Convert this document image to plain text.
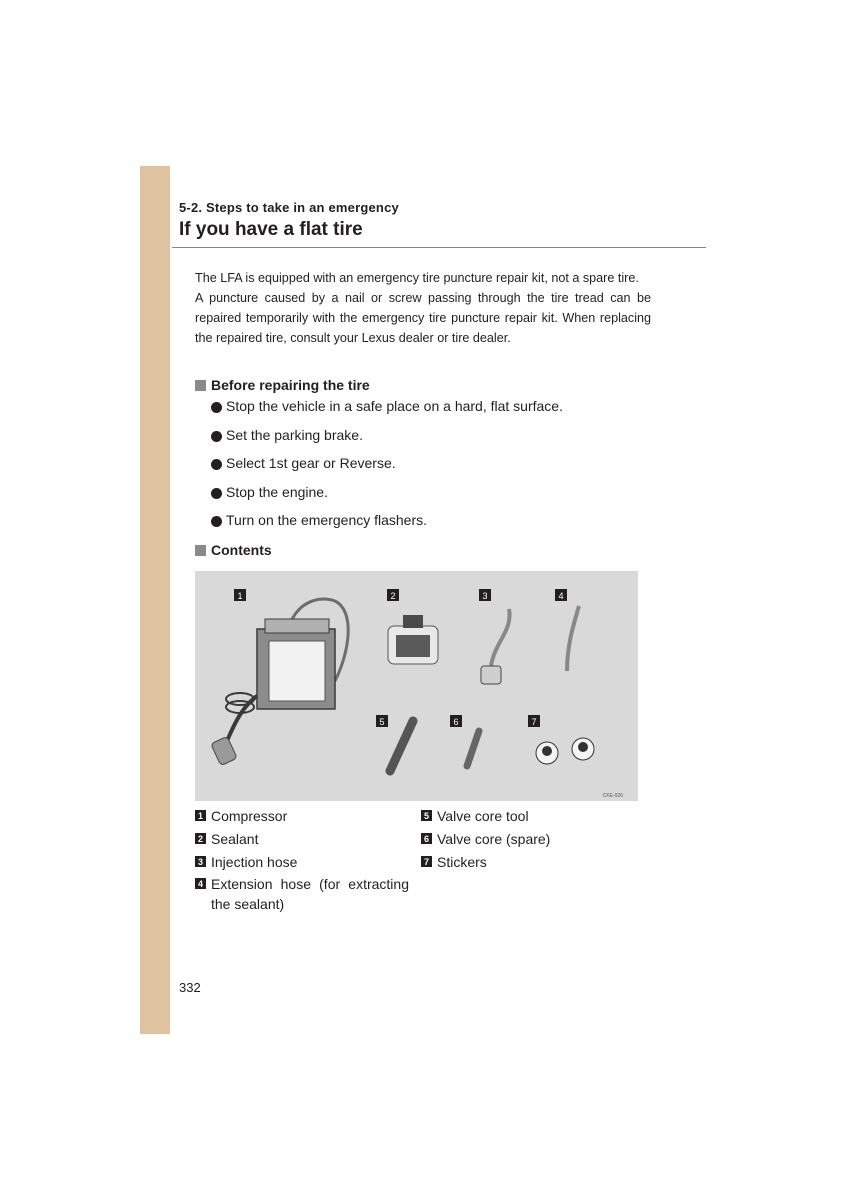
5-2. Steps to take in an emergency
If you have a flat tire

The LFA is equipped with an emergency tire puncture repair kit, not a spare tire.

A puncture caused by a nail or screw passing through the tire tread can be repaired temporarily with the emergency tire puncture repair kit. When replacing the repaired tire, consult your Lexus dealer or tire dealer.

Before repairing the tire
Stop the vehicle in a safe place on a hard, flat surface.
Set the parking brake.
Select 1st gear or Reverse.
Stop the engine.
Turn on the emergency flashers.
Contents
1	2	3	4
5	6	7
CKE-026
1 Compressor
2 Sealant
3 Injection hose
4 Extension hose (for extracting the sealant)
5 Valve core tool
6 Valve core (spare)
7 Stickers
332
